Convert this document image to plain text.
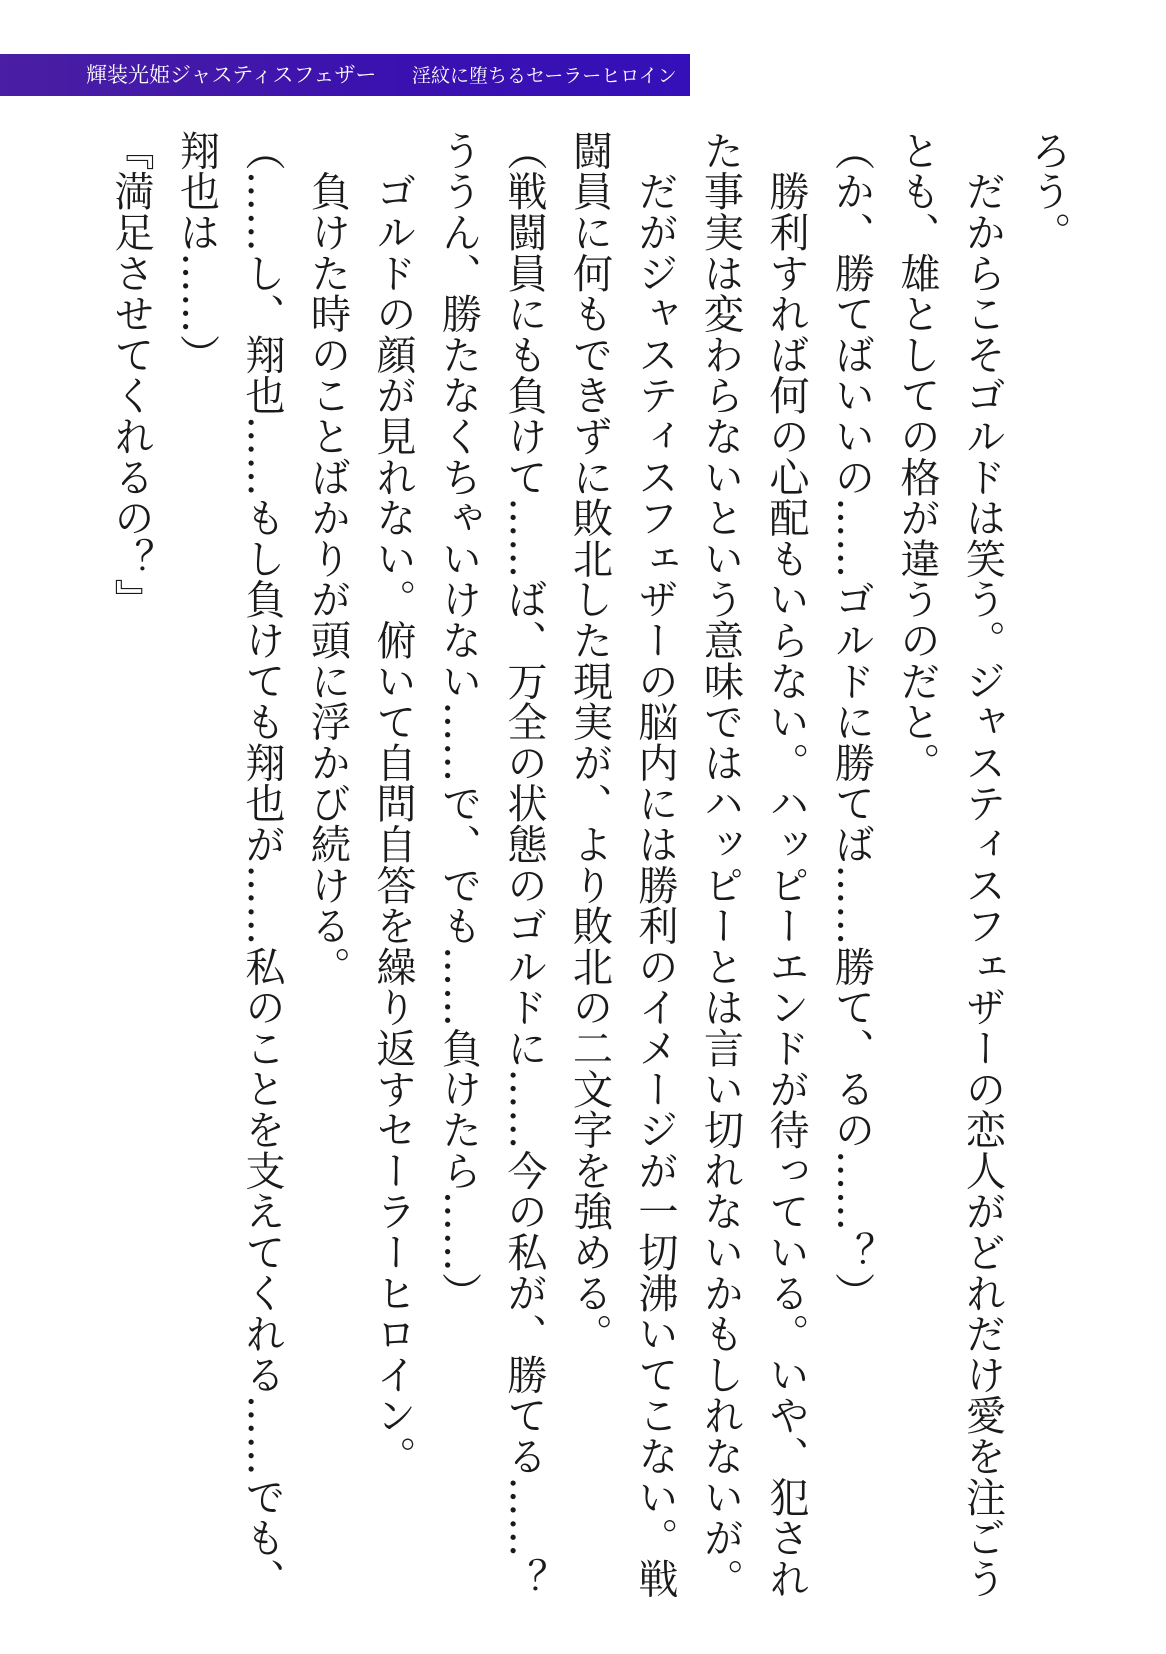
輝装光姫ジャスティスフェザー 淫紋に堕ちるセーラーヒロイン

ろう。

　だからこそゴルドは笑う。ジャスティスフェザーの恋人がどれだけ愛を注ごうとも、雄としての格が違うのだと。

（か、勝てばいいの……ゴルドに勝てば……勝て、るの……？）

　勝利すれば何の心配もいらない。ハッピーエンドが待っている。いや、犯された事実は変わらないという意味ではハッピーとは言い切れないかもしれないが。

　だがジャスティスフェザーの脳内には勝利のイメージが一切沸いてこない。戦闘員に何もできずに敗北した現実が、より敗北の二文字を強める。

（戦闘員にも負けて……ば、万全の状態のゴルドに……今の私が、勝てる……？　ううん、勝たなくちゃいけない……で、でも……負けたら……）

　ゴルドの顔が見れない。俯いて自問自答を繰り返すセーラーヒロイン。

　負けた時のことばかりが頭に浮かび続ける。

（……し、翔也……もし負けても翔也が……私のことを支えてくれる……でも、翔也は……）

『満足させてくれるの？』
